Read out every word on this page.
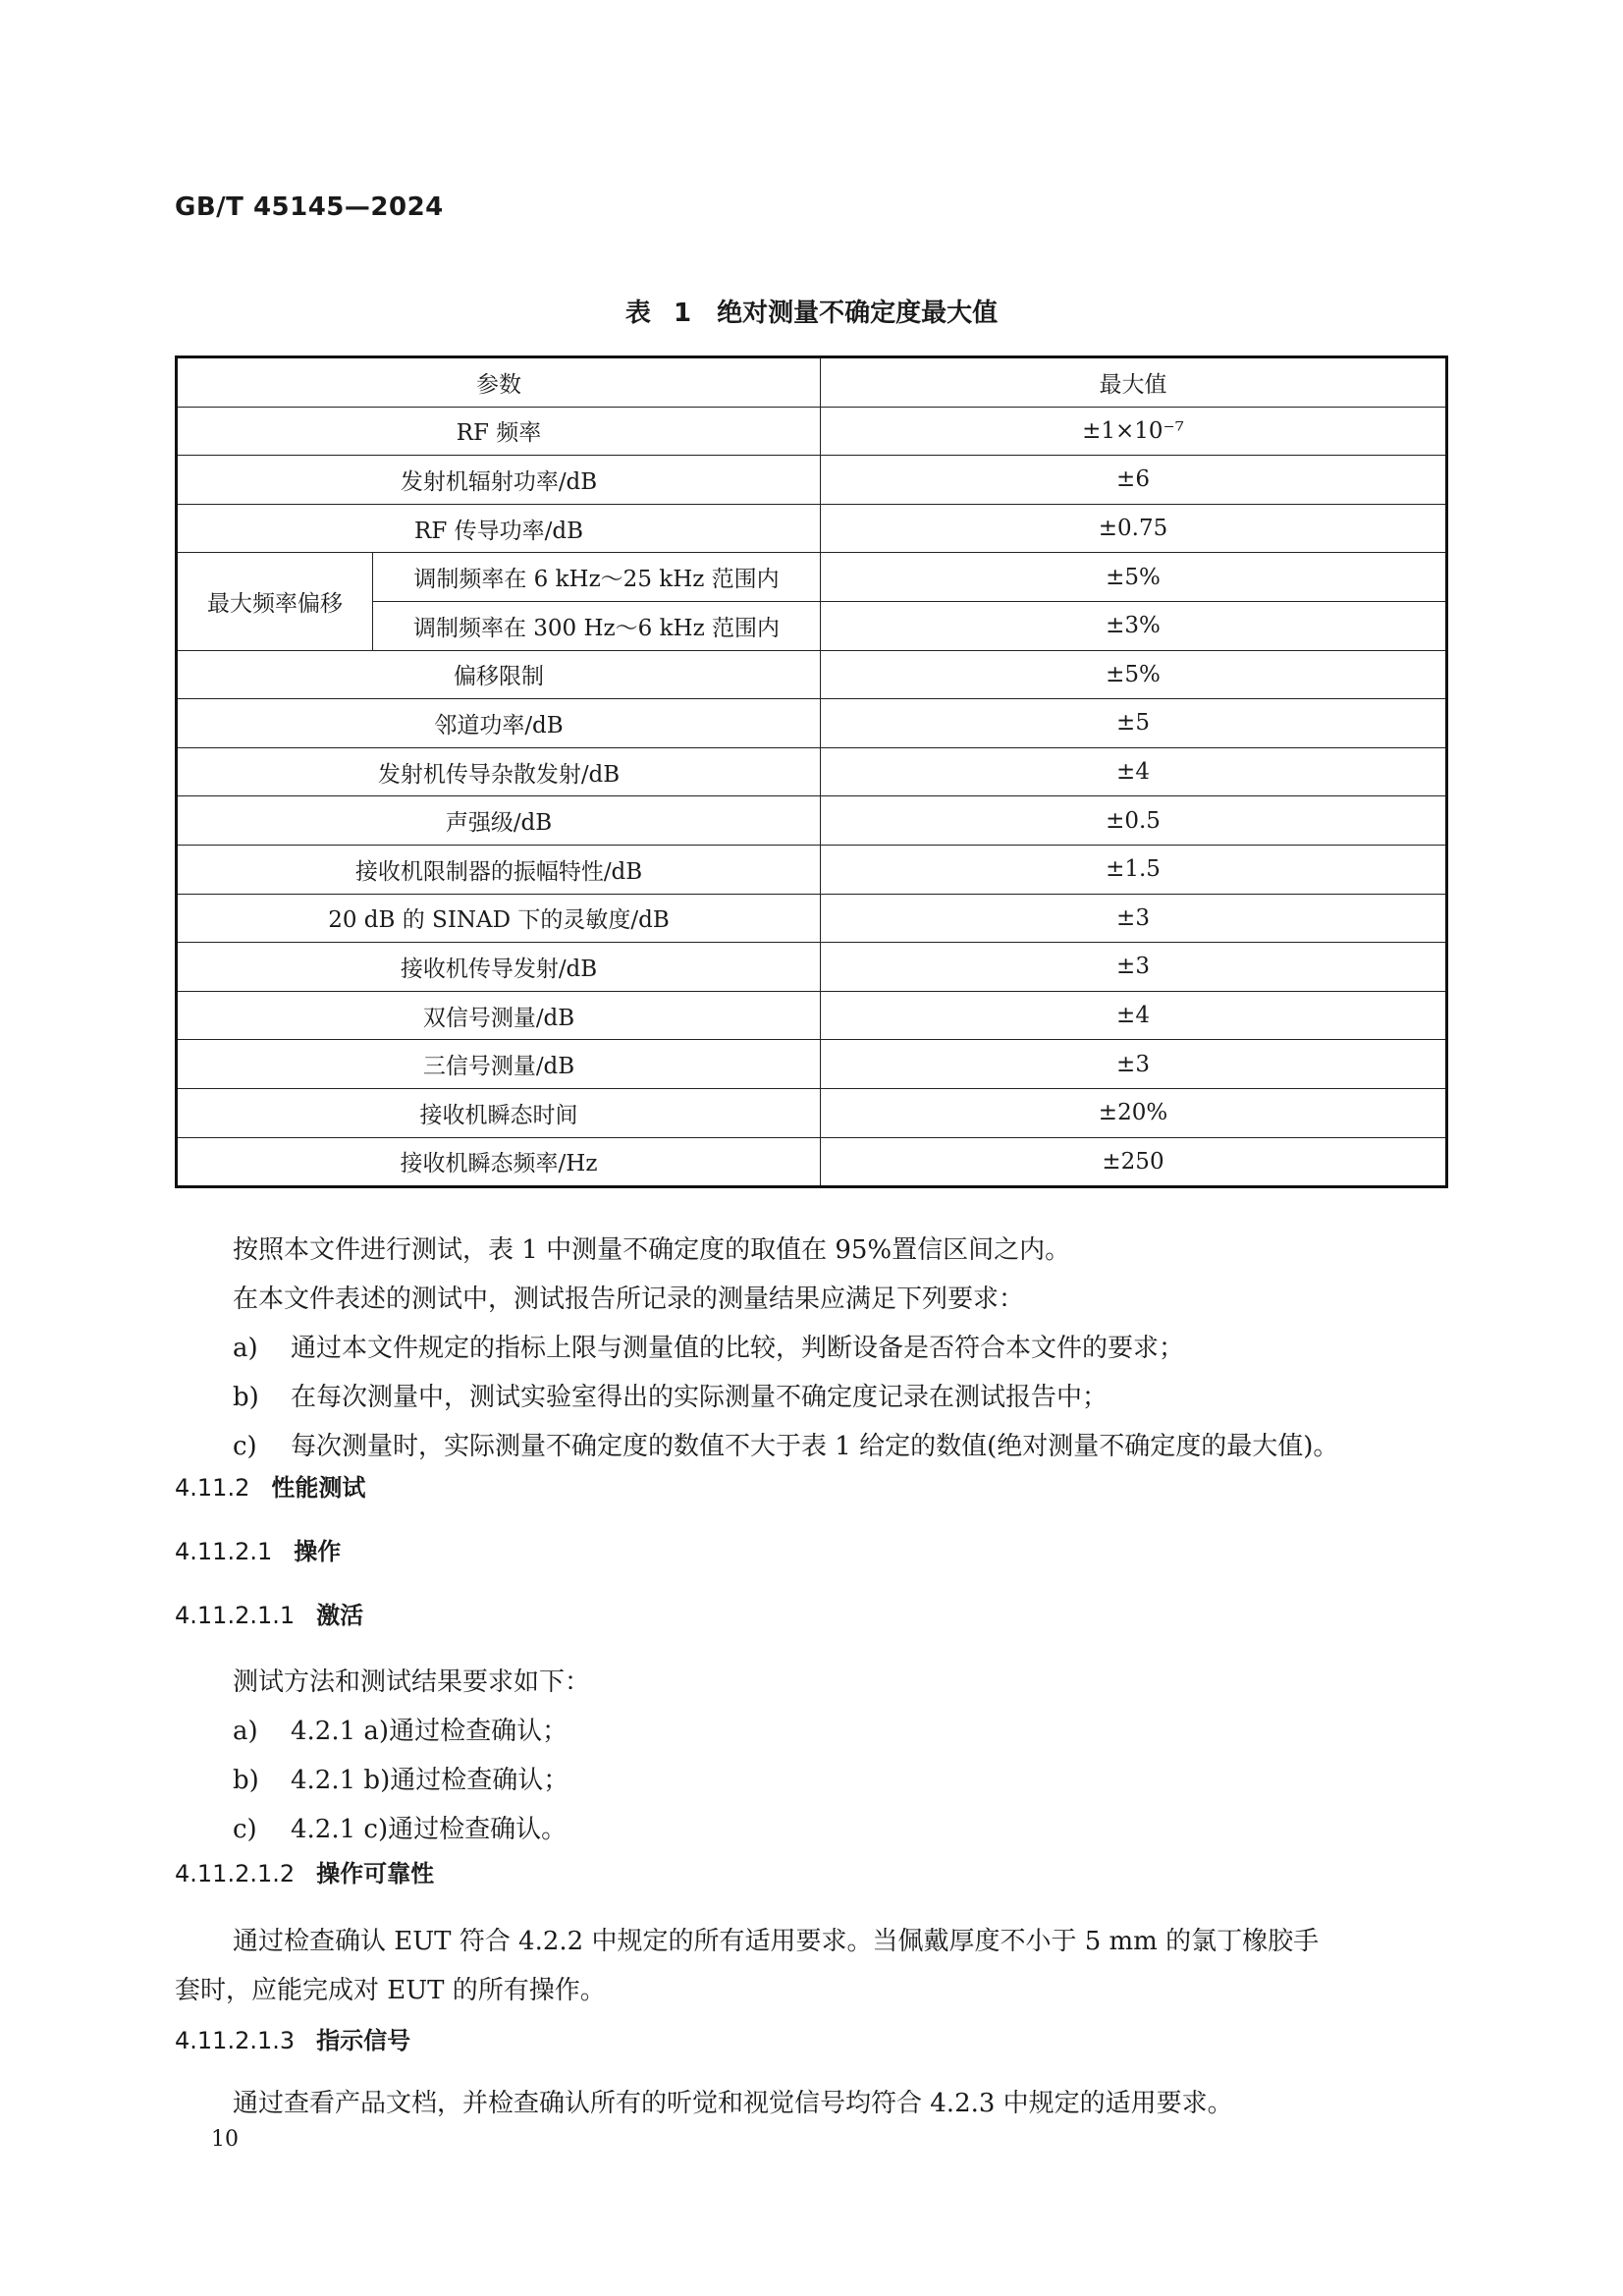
GB/T 45145—2024
表 1　绝对测量不确定度最大值
参数		最大值
RF 频率		±1×10⁻⁷
发射机辐射功率/dB		±6
RF 传导功率/dB		±0.75
最大频率偏移	调制频率在 6 kHz～25 kHz 范围内	±5%
	调制频率在 300 Hz～6 kHz 范围内	±3%
偏移限制		±5%
邻道功率/dB		±5
发射机传导杂散发射/dB		±4
声强级/dB		±0.5
接收机限制器的振幅特性/dB		±1.5
20 dB 的 SINAD 下的灵敏度/dB		±3
接收机传导发射/dB		±3
双信号测量/dB		±4
三信号测量/dB		±3
接收机瞬态时间		±20%
接收机瞬态频率/Hz		±250
按照本文件进行测试，表 1 中测量不确定度的取值在 95%置信区间之内。
在本文件表述的测试中，测试报告所记录的测量结果应满足下列要求：
a) 通过本文件规定的指标上限与测量值的比较，判断设备是否符合本文件的要求；
b) 在每次测量中，测试实验室得出的实际测量不确定度记录在测试报告中；
c) 每次测量时，实际测量不确定度的数值不大于表 1 给定的数值(绝对测量不确定度的最大值)。
4.11.2 性能测试
4.11.2.1 操作
4.11.2.1.1 激活
测试方法和测试结果要求如下：
a) 4.2.1 a)通过检查确认；
b) 4.2.1 b)通过检查确认；
c) 4.2.1 c)通过检查确认。
4.11.2.1.2 操作可靠性
通过检查确认 EUT 符合 4.2.2 中规定的所有适用要求。当佩戴厚度不小于 5 mm 的氯丁橡胶手
套时，应能完成对 EUT 的所有操作。
4.11.2.1.3 指示信号
通过查看产品文档，并检查确认所有的听觉和视觉信号均符合 4.2.3 中规定的适用要求。
10
